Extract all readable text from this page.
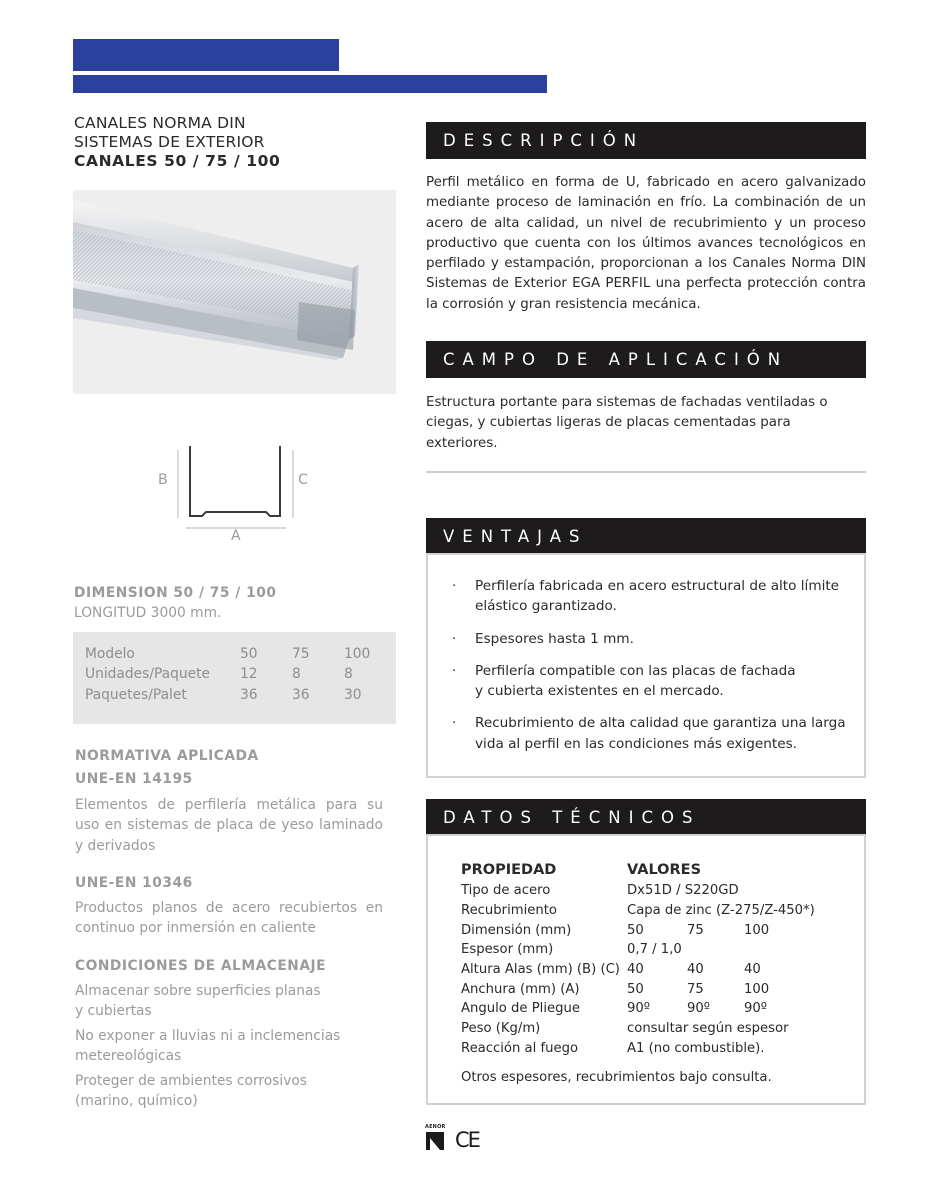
CANALES NORMA DIN
SISTEMAS DE EXTERIOR
CANALES 50 / 75 / 100
B	C
A
DIMENSION 50 / 75 / 100
LONGITUD 3000 mm.
Modelo	50	75	100
Unidades/Paquete	12	8	8
Paquetes/Palet	36	36	30
NORMATIVA APLICADA
UNE-EN 14195
Elementos de perfilería metálica para su uso en sistemas de placa de yeso laminado y derivados
UNE-EN 10346
Productos planos de acero recubiertos en continuo por inmersión en caliente
CONDICIONES DE ALMACENAJE
Almacenar sobre superficies planas
y cubiertas
No exponer a lluvias ni a inclemencias
metereológicas
Proteger de ambientes corrosivos
(marino, químico)
DESCRIPCIÓN
Perfil metálico en forma de U, fabricado en acero galvanizado mediante proceso de laminación en frío. La combinación de un acero de alta calidad, un nivel de recubrimiento y un proceso productivo que cuenta con los últimos avances tecnológicos en perfilado y estampación, proporcionan a los Canales Norma DIN Sistemas de Exterior EGA PERFIL una perfecta protección contra la corrosión y gran resistencia mecánica.
CAMPO DE APLICACIÓN
Estructura portante para sistemas de fachadas ventiladas o ciegas, y cubiertas ligeras de placas cementadas para exteriores.
VENTAJAS
· Perfilería fabricada en acero estructural de alto límite
elástico garantizado.
· Espesores hasta 1 mm.
· Perfilería compatible con las placas de fachada
y cubierta existentes en el mercado.
· Recubrimiento de alta calidad que garantiza una larga
vida al perfil en las condiciones más exigentes.
DATOS TÉCNICOS
PROPIEDAD	VALORES		
Tipo de acero	Dx51D / S220GD		
Recubrimiento	Capa de zinc (Z-275/Z-450*)		
Dimensión (mm)	50	75	100
Espesor (mm)	0,7 / 1,0		
Altura Alas (mm) (B) (C)	40	40	40
Anchura (mm) (A)	50	75	100
Angulo de Pliegue	90º	90º	90º
Peso (Kg/m)	consultar según espesor		
Reacción al fuego	A1 (no combustible).		
Otros espesores, recubrimientos bajo consulta.
AENOR
CE
